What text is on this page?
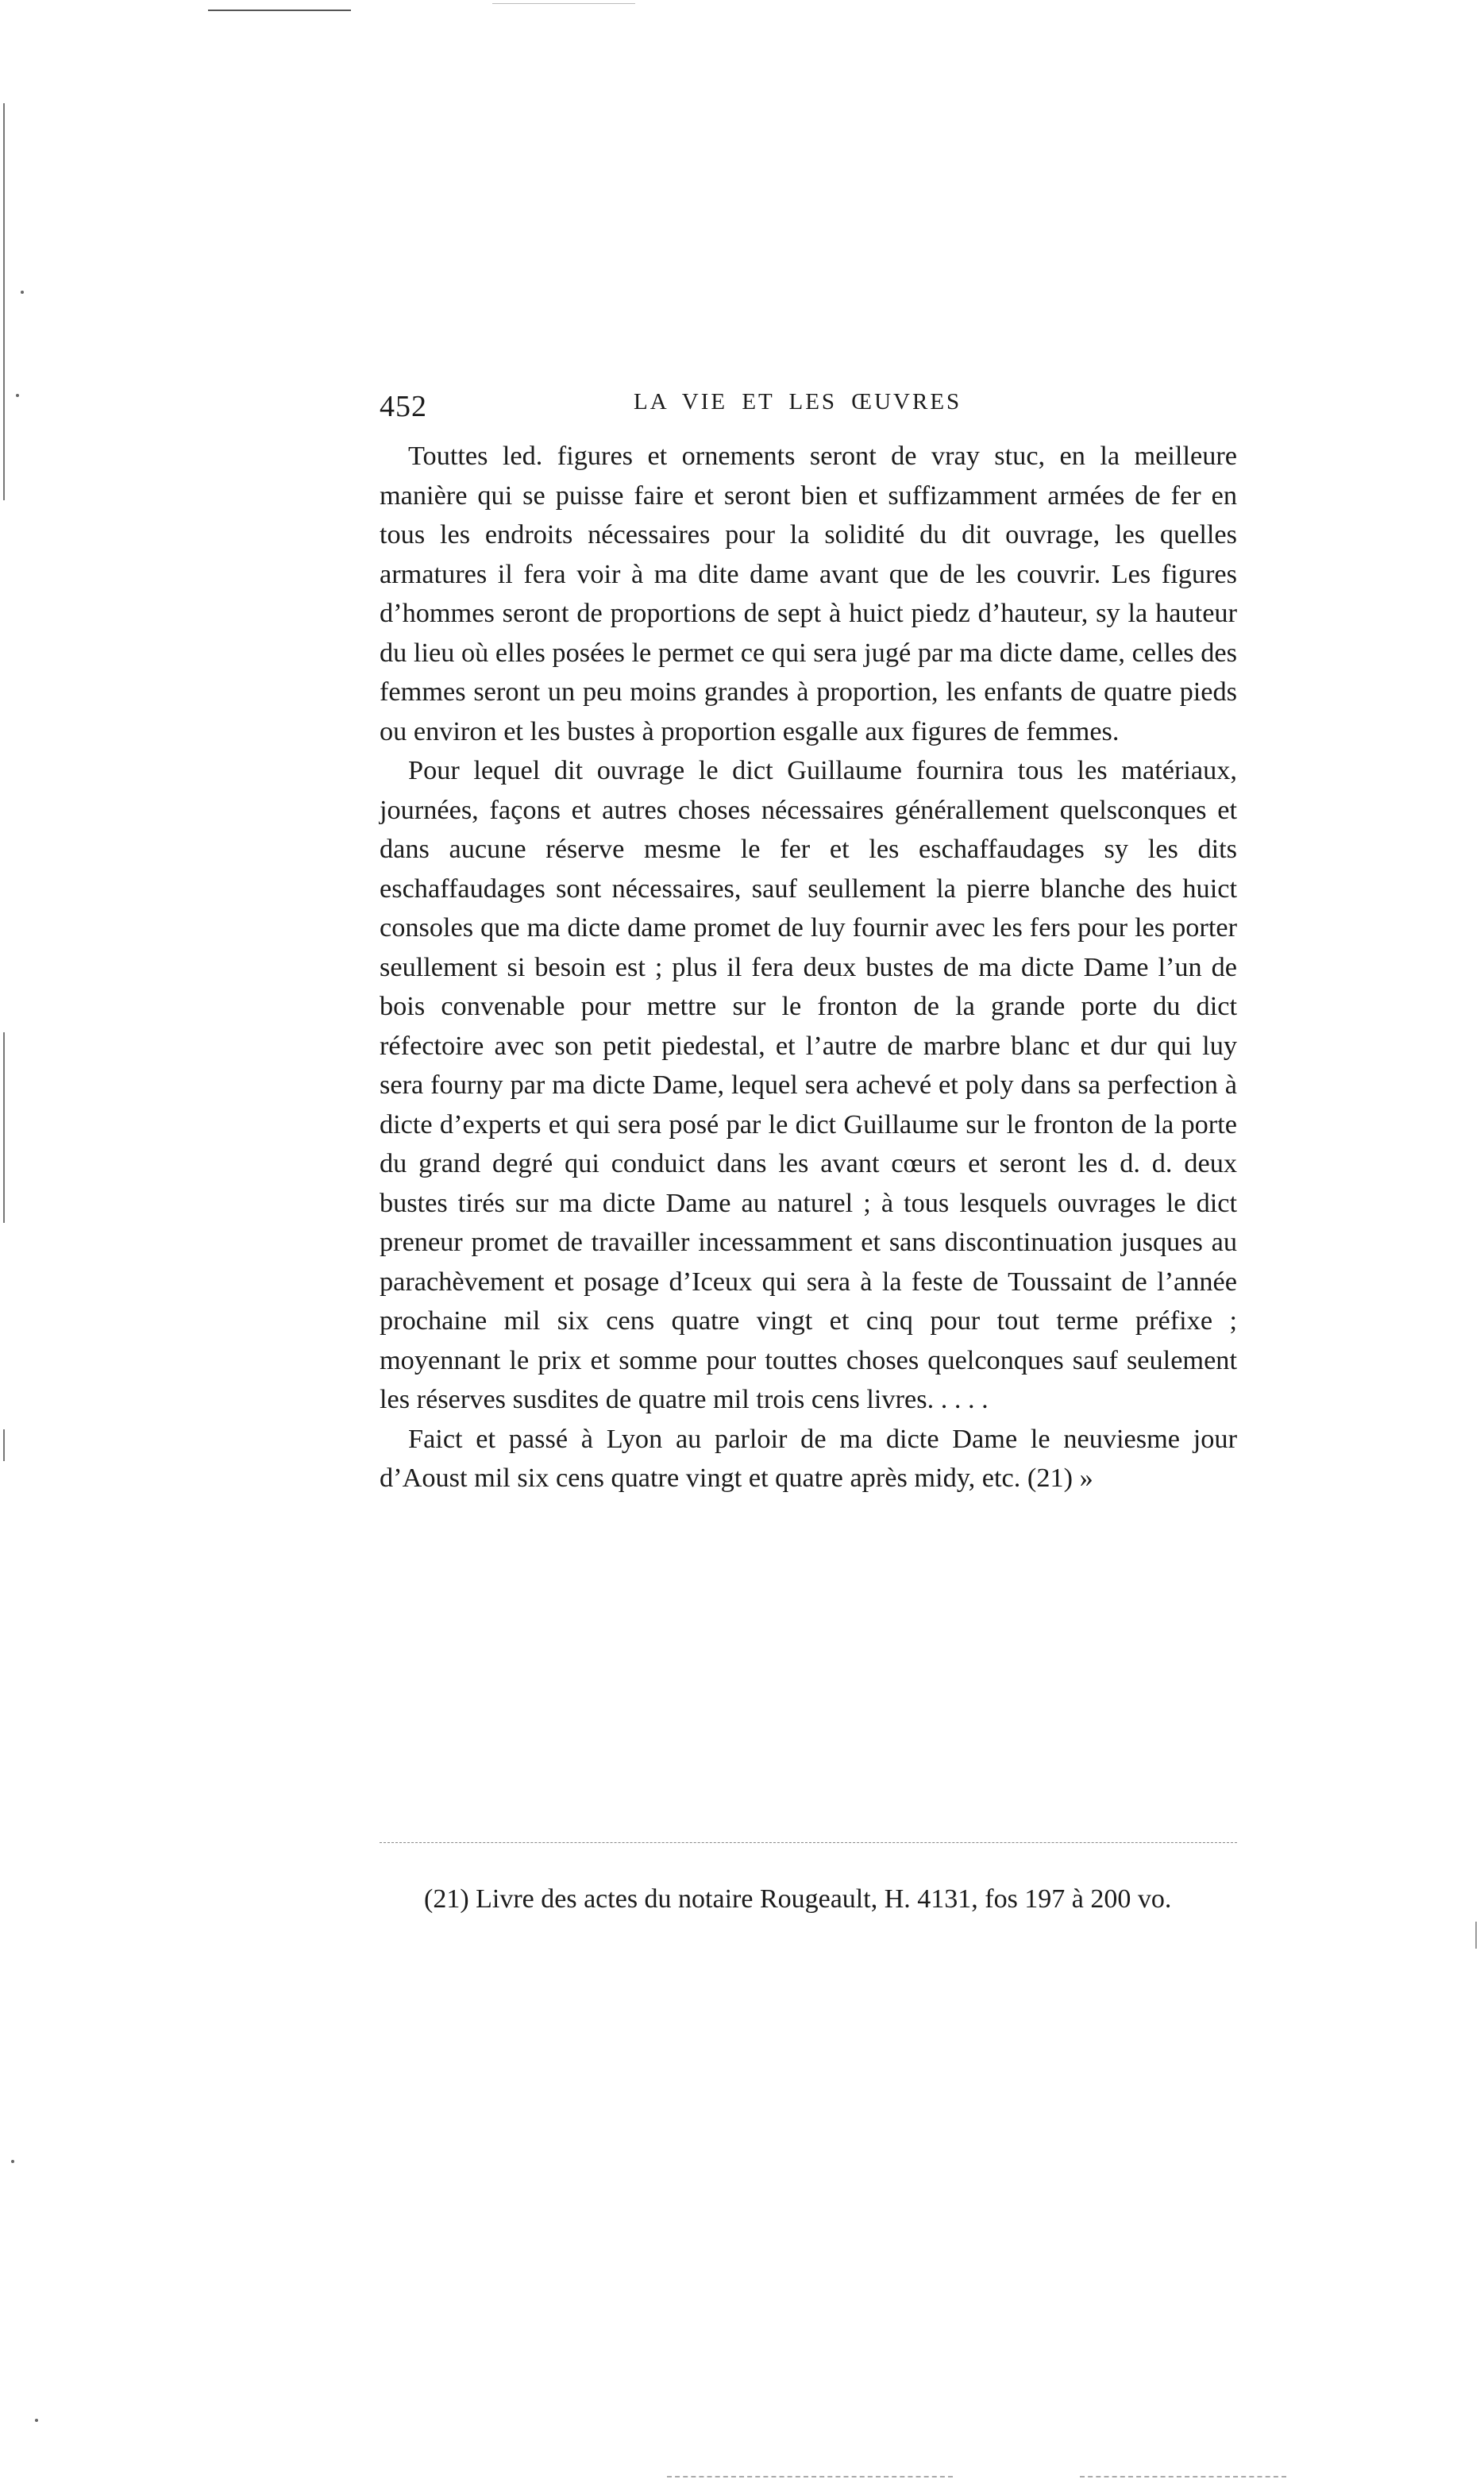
452	LA VIE ET LES ŒUVRES

Touttes led. figures et ornements seront de vray stuc, en la meilleure manière qui se puisse faire et seront bien et suffizamment armées de fer en tous les endroits nécessaires pour la solidité du dit ouvrage, les quelles armatures il fera voir à ma dite dame avant que de les couvrir. Les figures d’hommes seront de proportions de sept à huict piedz d’hauteur, sy la hauteur du lieu où elles posées le permet ce qui sera jugé par ma dicte dame, celles des femmes seront un peu moins grandes à proportion, les enfants de quatre pieds ou environ et les bustes à proportion esgalle aux figures de femmes.

Pour lequel dit ouvrage le dict Guillaume fournira tous les matériaux, journées, façons et autres choses nécessaires générallement quelsconques et dans aucune réserve mesme le fer et les eschaffaudages sy les dits eschaffaudages sont nécessaires, sauf seullement la pierre blanche des huict consoles que ma dicte dame promet de luy fournir avec les fers pour les porter seullement si besoin est ; plus il fera deux bustes de ma dicte Dame l’un de bois convenable pour mettre sur le fronton de la grande porte du dict réfectoire avec son petit piedestal, et l’autre de marbre blanc et dur qui luy sera fourny par ma dicte Dame, lequel sera achevé et poly dans sa perfection à dicte d’experts et qui sera posé par le dict Guillaume sur le fronton de la porte du grand degré qui conduict dans les avant cœurs et seront les d. d. deux bustes tirés sur ma dicte Dame au naturel ; à tous lesquels ouvrages le dict preneur promet de travailler incessamment et sans discontinuation jusques au parachèvement et posage d’Iceux qui sera à la feste de Toussaint de l’année prochaine mil six cens quatre vingt et cinq pour tout terme préfixe ; moyennant le prix et somme pour touttes choses quelconques sauf seulement les réserves susdites de quatre mil trois cens livres. . . . .

Faict et passé à Lyon au parloir de ma dicte Dame le neuviesme jour d’Aoust mil six cens quatre vingt et quatre après midy, etc. (21) »

(21) Livre des actes du notaire Rougeault, H. 4131, fos 197 à 200 vo.
